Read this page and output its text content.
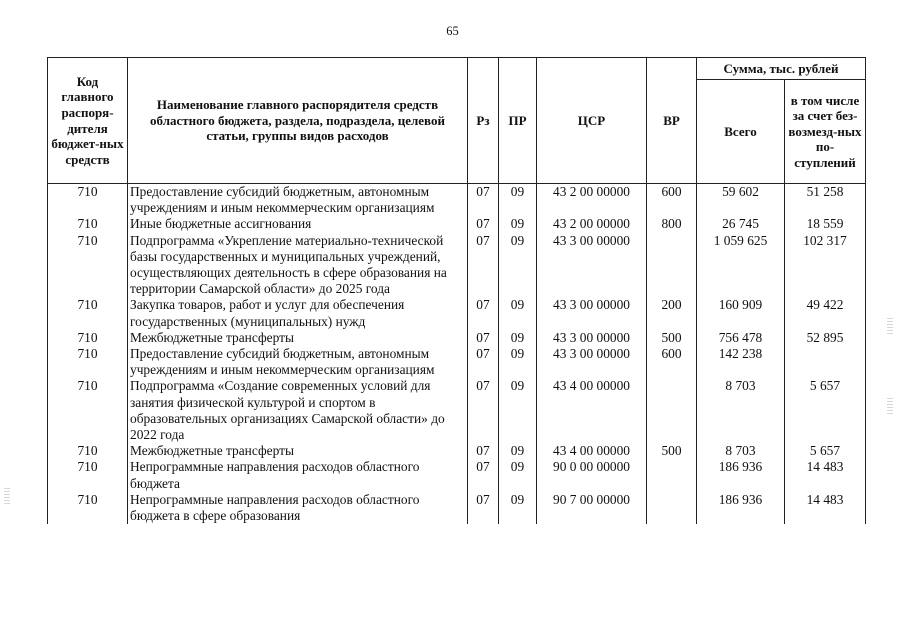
65
Код главного распоря-дителя бюджет-ных средств	Наименование главного распорядителя средств областного бюджета, раздела, подраздела, целевой статьи, группы видов расходов	Рз	ПР	ЦСР	ВР	Сумма, тыс. рублей	
						Всего	в том числе за счет без-возмезд-ных по-ступлений
710	Предоставление субсидий бюджетным, автономным учреждениям и иным некоммерческим организациям	07	09	43 2 00 00000	600	59 602	51 258
710	Иные бюджетные ассигнования	07	09	43 2 00 00000	800	26 745	18 559
710	Подпрограмма «Укрепление материально-технической базы государственных и муниципальных учреждений, осуществляющих деятельность в сфере образования на территории Самарской области» до 2025 года	07	09	43 3 00 00000		1 059 625	102 317
710	Закупка товаров, работ и услуг для обеспечения государственных (муниципальных) нужд	07	09	43 3 00 00000	200	160 909	49 422
710	Межбюджетные трансферты	07	09	43 3 00 00000	500	756 478	52 895
710	Предоставление субсидий бюджетным, автономным учреждениям и иным некоммерческим организациям	07	09	43 3 00 00000	600	142 238	
710	Подпрограмма «Создание современных условий для занятия физической культурой и спортом в образовательных организациях Самарской области» до 2022 года	07	09	43 4 00 00000		8 703	5 657
710	Межбюджетные трансферты	07	09	43 4 00 00000	500	8 703	5 657
710	Непрограммные направления расходов областного бюджета	07	09	90 0 00 00000		186 936	14 483
710	Непрограммные направления расходов областного бюджета в сфере образования	07	09	90 7 00 00000		186 936	14 483
